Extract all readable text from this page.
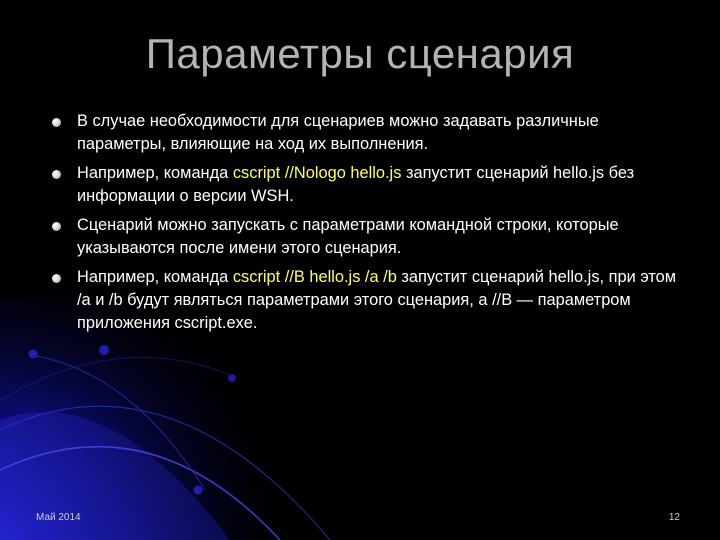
Параметры сценария
В случае необходимости для сценариев можно задавать различные параметры, влияющие на ход их выполнения.
Например, команда cscript //Nologo hello.js запустит сценарий hello.js без информации о версии WSH.
Сценарий можно запускать с параметрами командной строки, которые указываются после имени этого сценария.
Например, команда cscript //B hello.js /a /b запустит сценарий hello.js, при этом /a и /b будут являться параметрами этого сценария, а //B — параметром приложения cscript.exe.
Май 2014	12
